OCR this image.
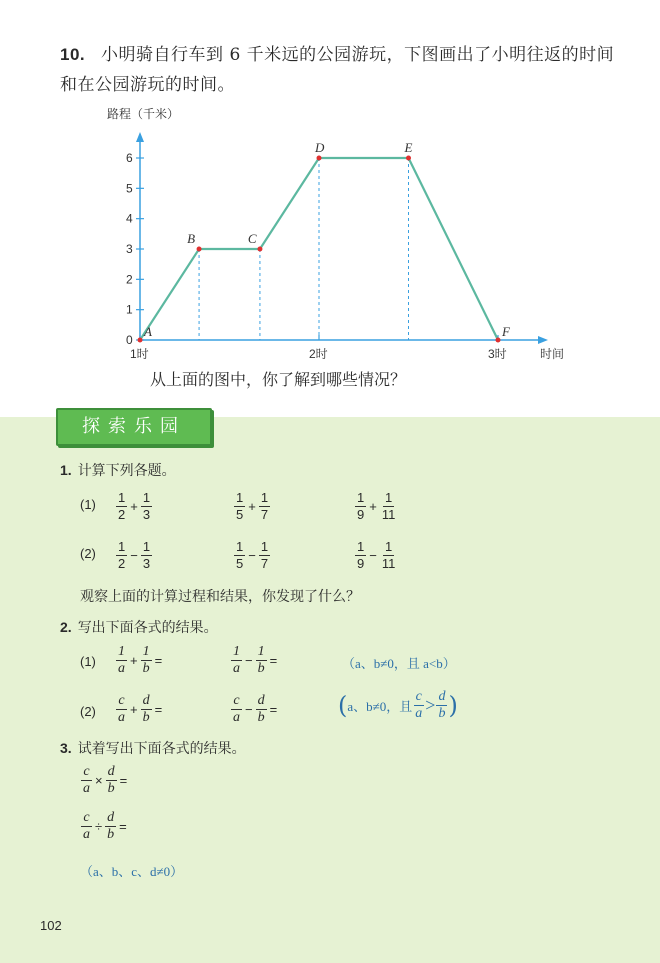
10. 小明骑自行车到 6 千米远的公园游玩，下图画出了小明往返的时间和在公园游玩的时间。
0
1
2
3
4
5
6
1时	2时	3时	时间
路程（千米）
A
B	C
D	E
F
从上面的图中，你了解到哪些情况？
探索乐园
1. 计算下列各题。
$(1) \frac{1}{2} + \frac{1}{3}$	$\frac{1}{5} + \frac{1}{7}$	$\frac{1}{9} + \frac{1}{11}$
$(2) \frac{1}{2} - \frac{1}{3}$	$\frac{1}{5} - \frac{1}{7}$	$\frac{1}{9} - \frac{1}{11}$
观察上面的计算过程和结果，你发现了什么？
2. 写出下面各式的结果。
$(1) \frac{1}{a} + \frac{1}{b}$ =	$\frac{1}{a} - \frac{1}{b}$ =	（a、b≠0，且 a<b）
$(2) \frac{c}{a} + \frac{d}{b}$ =	$\frac{c}{a} - \frac{d}{b}$ =	(a、b≠0，且 $\frac{c}{a} > \frac{d}{b}$ )
3. 试着写出下面各式的结果。
$\frac{c}{a} \times \frac{d}{b}$ =
$\frac{c}{a} \div \frac{d}{b}$ =
（a、b、c、d≠0）
102
